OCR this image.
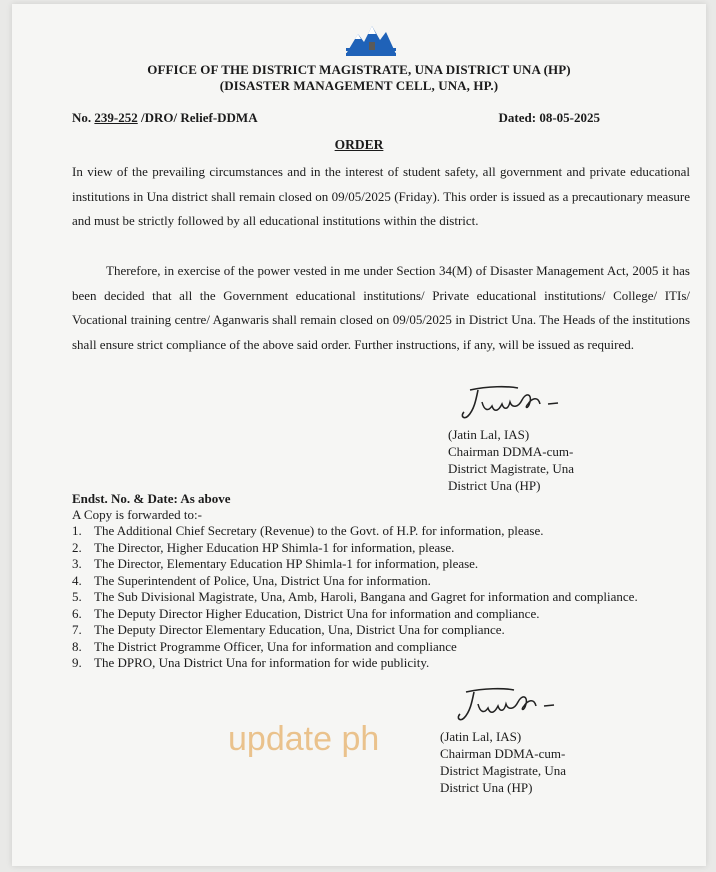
OFFICE OF THE DISTRICT MAGISTRATE, UNA DISTRICT UNA (HP)
(DISASTER MANAGEMENT CELL, UNA, HP.)
No. 239-252 /DRO/ Relief-DDMA	Dated: 08-05-2025
ORDER
In view of the prevailing circumstances and in the interest of student safety, all government and private educational institutions in Una district shall remain closed on 09/05/2025 (Friday). This order is issued as a precautionary measure and must be strictly followed by all educational institutions within the district.
Therefore, in exercise of the power vested in me under Section 34(M) of Disaster Management Act, 2005 it has been decided that all the Government educational institutions/ Private educational institutions/ College/ ITIs/ Vocational training centre/ Aganwaris shall remain closed on 09/05/2025 in District Una. The Heads of the institutions shall ensure strict compliance of the above said order. Further instructions, if any, will be issued as required.
(Jatin Lal, IAS)
Chairman DDMA-cum-
District Magistrate, Una
District Una (HP)
Endst. No. & Date: As above
A Copy is forwarded to:-
1. The Additional Chief Secretary (Revenue) to the Govt. of H.P. for information, please.
2. The Director, Higher Education HP Shimla-1 for information, please.
3. The Director, Elementary Education HP Shimla-1 for information, please.
4. The Superintendent of Police, Una, District Una for information.
5. The Sub Divisional Magistrate, Una, Amb, Haroli, Bangana and Gagret for information and compliance.
6. The Deputy Director Higher Education, District Una for information and compliance.
7. The Deputy Director Elementary Education, Una, District Una for compliance.
8. The District Programme Officer, Una for information and compliance
9. The DPRO, Una District Una for information for wide publicity.
(Jatin Lal, IAS)
Chairman DDMA-cum-
District Magistrate, Una
District Una (HP)
update ph
